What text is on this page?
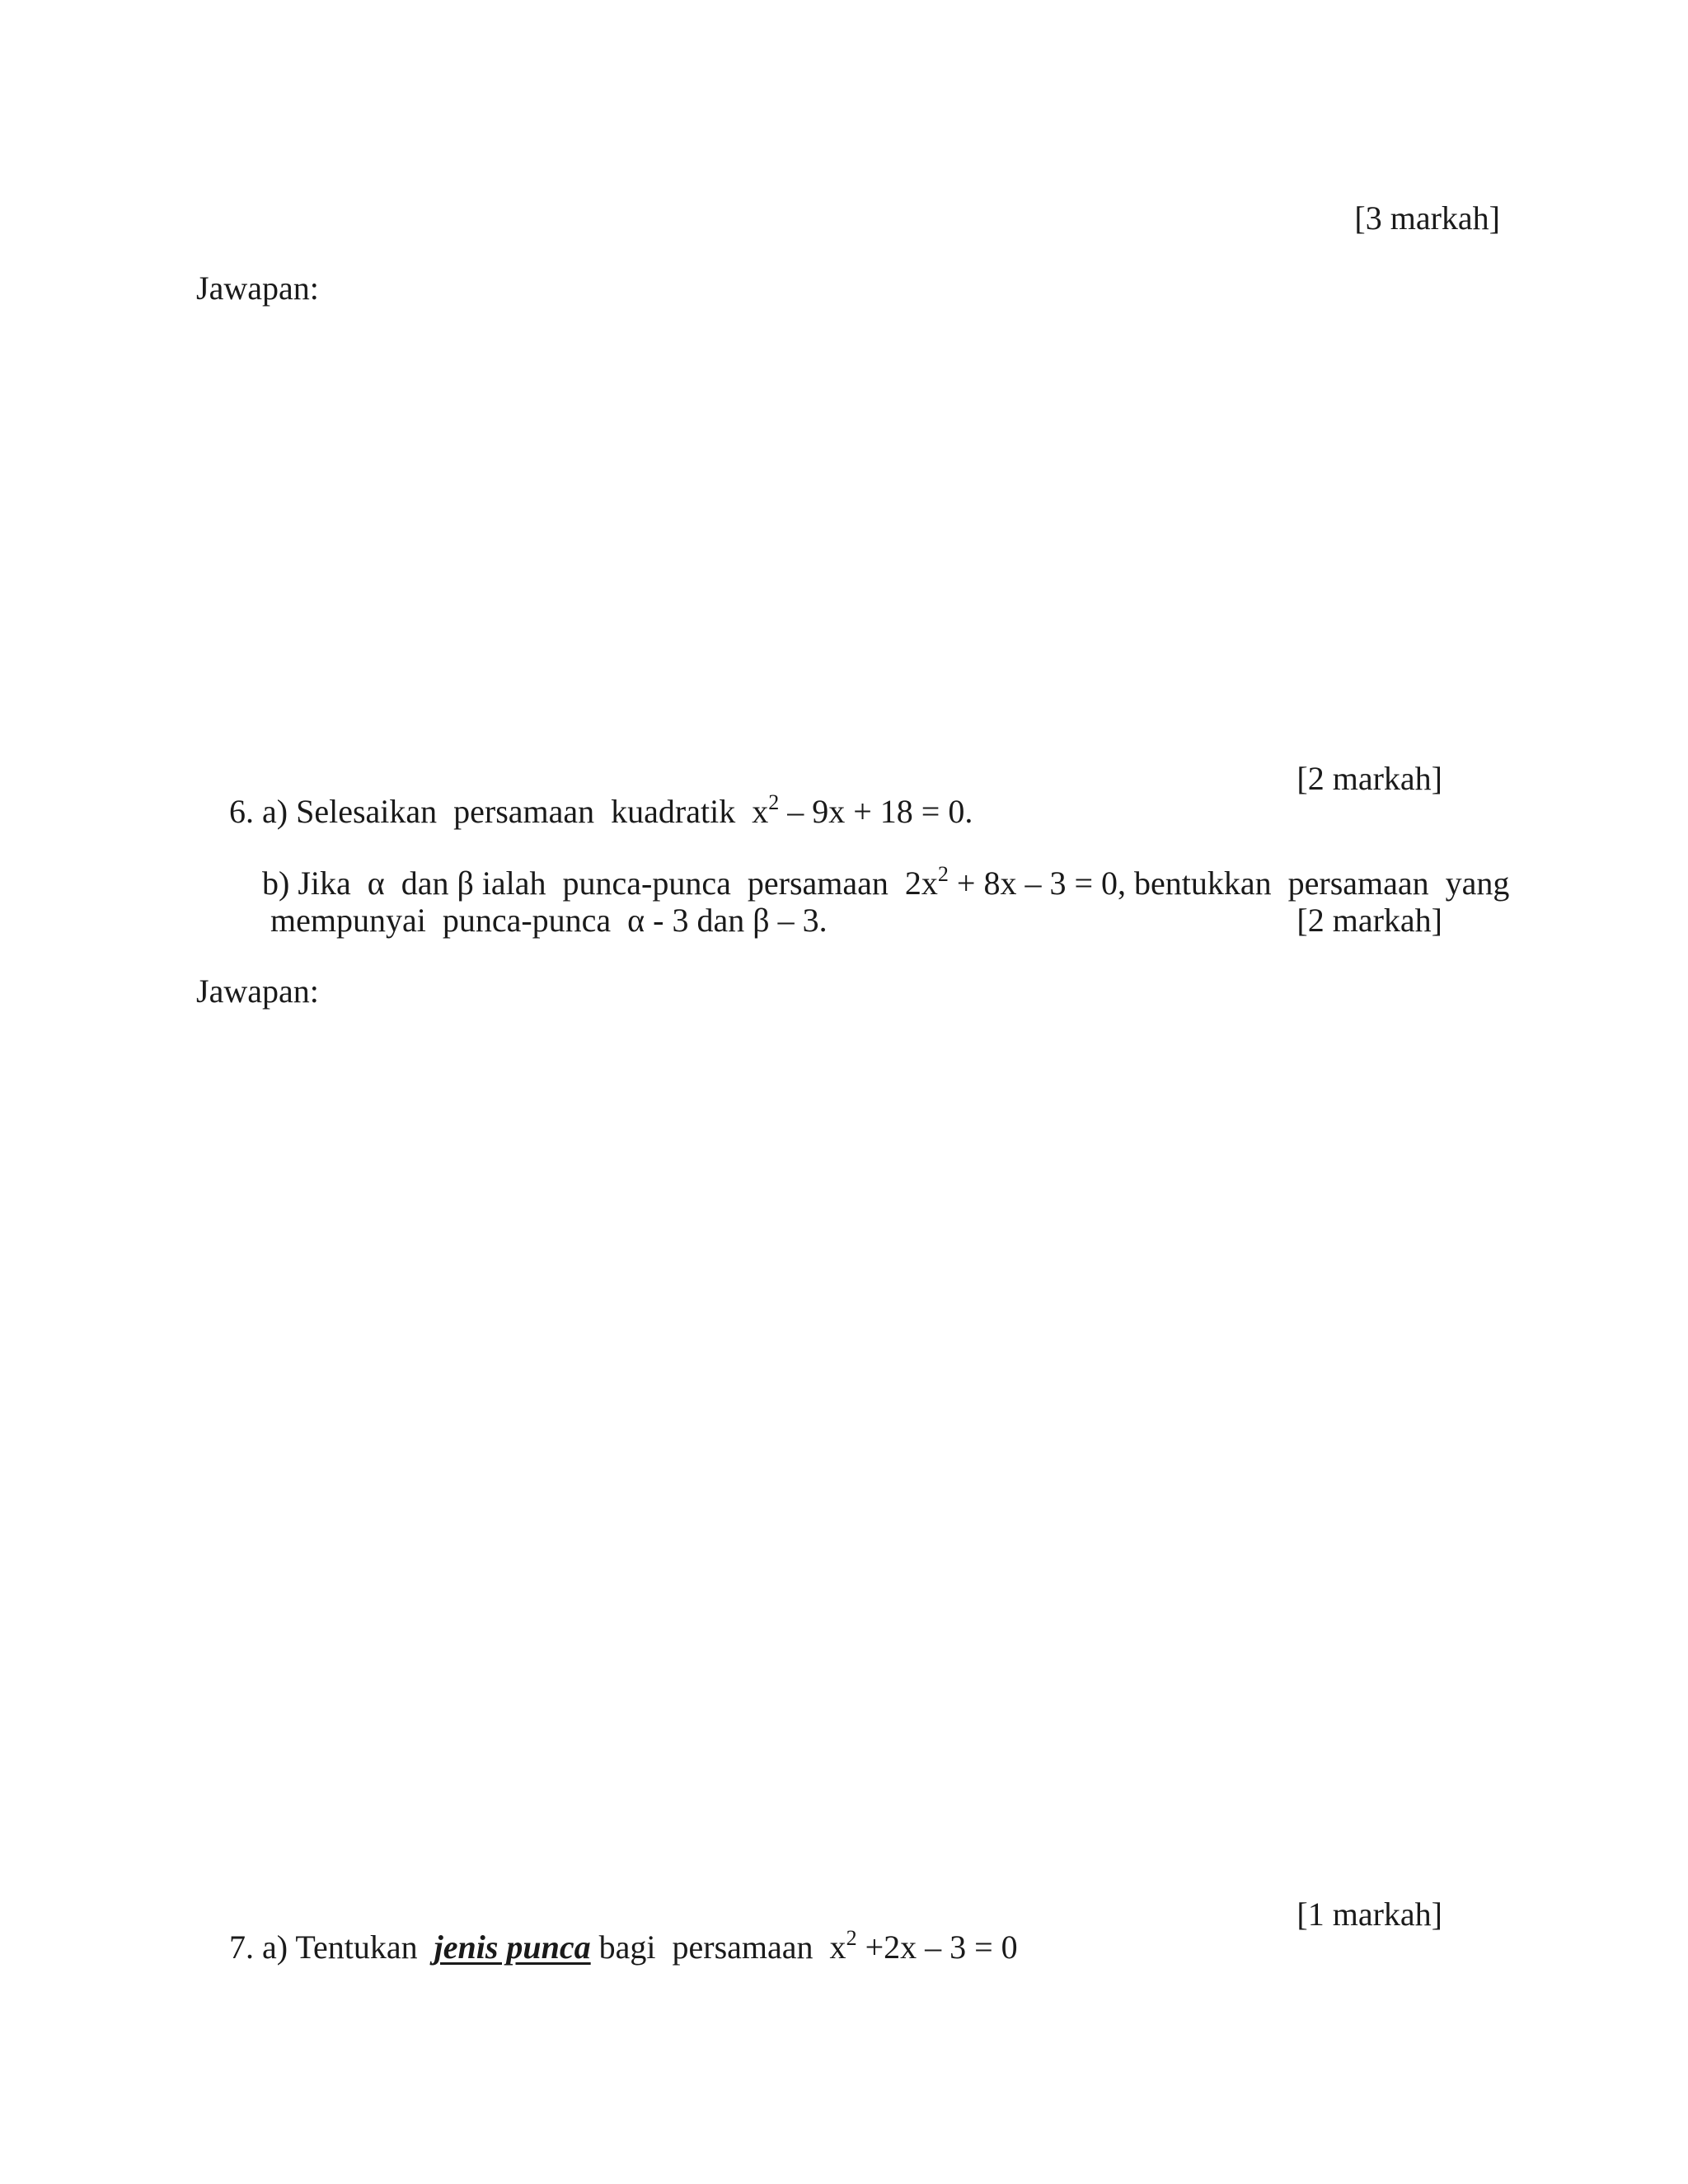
[3 markah]
Jawapan:

6. a) Selesaikan  persamaan  kuadratik  $x^2 - 9x + 18 = 0$.

[2 markah]

b) Jika  α  dan β ialah  punca-punca  persamaan  $2x^2 + 8x - 3 = 0$, bentukkan  persamaan  yang

mempunyai  punca-punca  α - 3 dan β – 3.	[2 markah]
Jawapan:

7. a) Tentukan  jenis punca bagi  persamaan  $x^2 +2x - 3 = 0$

[1 markah]
